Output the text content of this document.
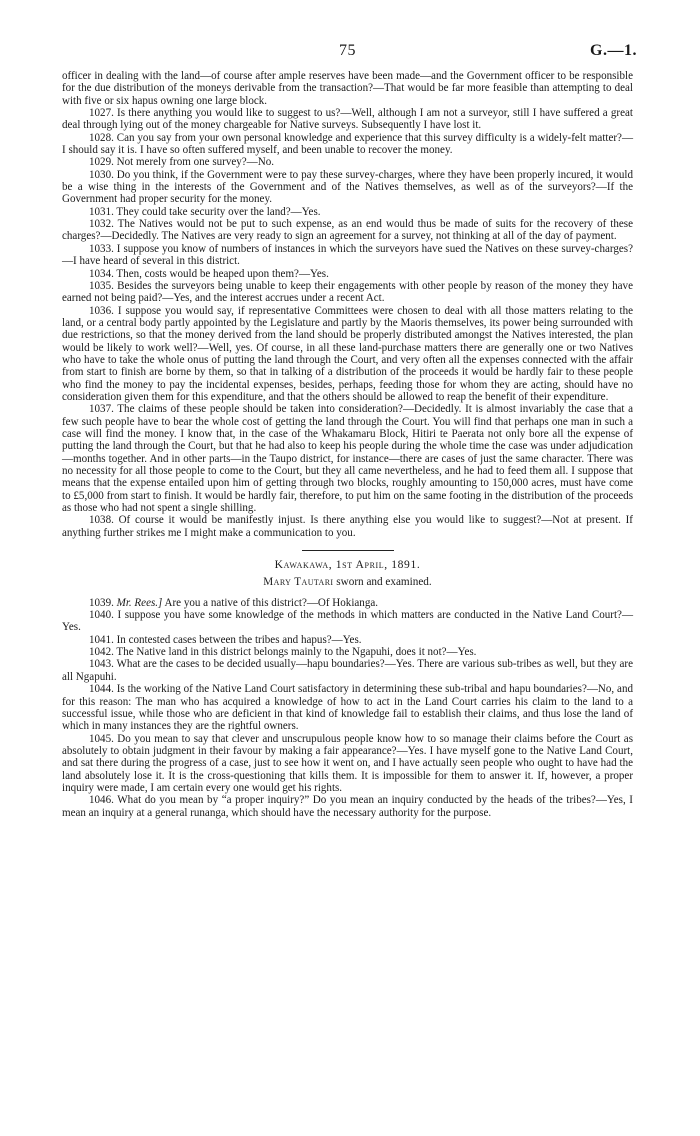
75	G.—1.

officer in dealing with the land—of course after ample reserves have been made—and the Government officer to be responsible for the due distribution of the moneys derivable from the transaction?—That would be far more feasible than attempting to deal with five or six hapus owning one large block.

1027. Is there anything you would like to suggest to us?—Well, although I am not a surveyor, still I have suffered a great deal through lying out of the money chargeable for Native surveys. Subsequently I have lost it.

1028. Can you say from your own personal knowledge and experience that this survey difficulty is a widely-felt matter?—I should say it is. I have so often suffered myself, and been unable to recover the money.

1029. Not merely from one survey?—No.

1030. Do you think, if the Government were to pay these survey-charges, where they have been properly incured, it would be a wise thing in the interests of the Government and of the Natives themselves, as well as of the surveyors?—If the Government had proper security for the money.

1031. They could take security over the land?—Yes.

1032. The Natives would not be put to such expense, as an end would thus be made of suits for the recovery of these charges?—Decidedly. The Natives are very ready to sign an agreement for a survey, not thinking at all of the day of payment.

1033. I suppose you know of numbers of instances in which the surveyors have sued the Natives on these survey-charges?—I have heard of several in this district.

1034. Then, costs would be heaped upon them?—Yes.

1035. Besides the surveyors being unable to keep their engagements with other people by reason of the money they have earned not being paid?—Yes, and the interest accrues under a recent Act.

1036. I suppose you would say, if representative Committees were chosen to deal with all those matters relating to the land, or a central body partly appointed by the Legislature and partly by the Maoris themselves, its power being surrounded with due restrictions, so that the money derived from the land should be properly distributed amongst the Natives interested, the plan would be likely to work well?—Well, yes. Of course, in all these land-purchase matters there are generally one or two Natives who have to take the whole onus of putting the land through the Court, and very often all the expenses connected with the affair from start to finish are borne by them, so that in talking of a distribution of the proceeds it would be hardly fair to these people who find the money to pay the incidental expenses, besides, perhaps, feeding those for whom they are acting, should have no consideration given them for this expenditure, and that the others should be allowed to reap the benefit of their expenditure.

1037. The claims of these people should be taken into consideration?—Decidedly. It is almost invariably the case that a few such people have to bear the whole cost of getting the land through the Court. You will find that perhaps one man in such a case will find the money. I know that, in the case of the Whakamaru Block, Hitiri te Paerata not only bore all the expense of putting the land through the Court, but that he had also to keep his people during the whole time the case was under adjudication—months together. And in other parts—in the Taupo district, for instance—there are cases of just the same character. There was no necessity for all those people to come to the Court, but they all came nevertheless, and he had to feed them all. I suppose that means that the expense entailed upon him of getting through two blocks, roughly amounting to 150,000 acres, must have come to £5,000 from start to finish. It would be hardly fair, therefore, to put him on the same footing in the distribution of the proceeds as those who had not spent a single shilling.

1038. Of course it would be manifestly injust. Is there anything else you would like to suggest?—Not at present. If anything further strikes me I might make a communication to you.

Kawakawa, 1st April, 1891.

Mary Tautari sworn and examined.

1039. Mr. Rees.] Are you a native of this district?—Of Hokianga.

1040. I suppose you have some knowledge of the methods in which matters are conducted in the Native Land Court?—Yes.

1041. In contested cases between the tribes and hapus?—Yes.

1042. The Native land in this district belongs mainly to the Ngapuhi, does it not?—Yes.

1043. What are the cases to be decided usually—hapu boundaries?—Yes. There are various sub-tribes as well, but they are all Ngapuhi.

1044. Is the working of the Native Land Court satisfactory in determining these sub-tribal and hapu boundaries?—No, and for this reason: The man who has acquired a knowledge of how to act in the Land Court carries his claim to the land to a successful issue, while those who are deficient in that kind of knowledge fail to establish their claims, and thus lose the land of which in many instances they are the rightful owners.

1045. Do you mean to say that clever and unscrupulous people know how to so manage their claims before the Court as absolutely to obtain judgment in their favour by making a fair appearance?—Yes. I have myself gone to the Native Land Court, and sat there during the progress of a case, just to see how it went on, and I have actually seen people who ought to have had the land absolutely lose it. It is the cross-questioning that kills them. It is impossible for them to answer it. If, however, a proper inquiry were made, I am certain every one would get his rights.

1046. What do you mean by “a proper inquiry?” Do you mean an inquiry conducted by the heads of the tribes?—Yes, I mean an inquiry at a general runanga, which should have the necessary authority for the purpose.
